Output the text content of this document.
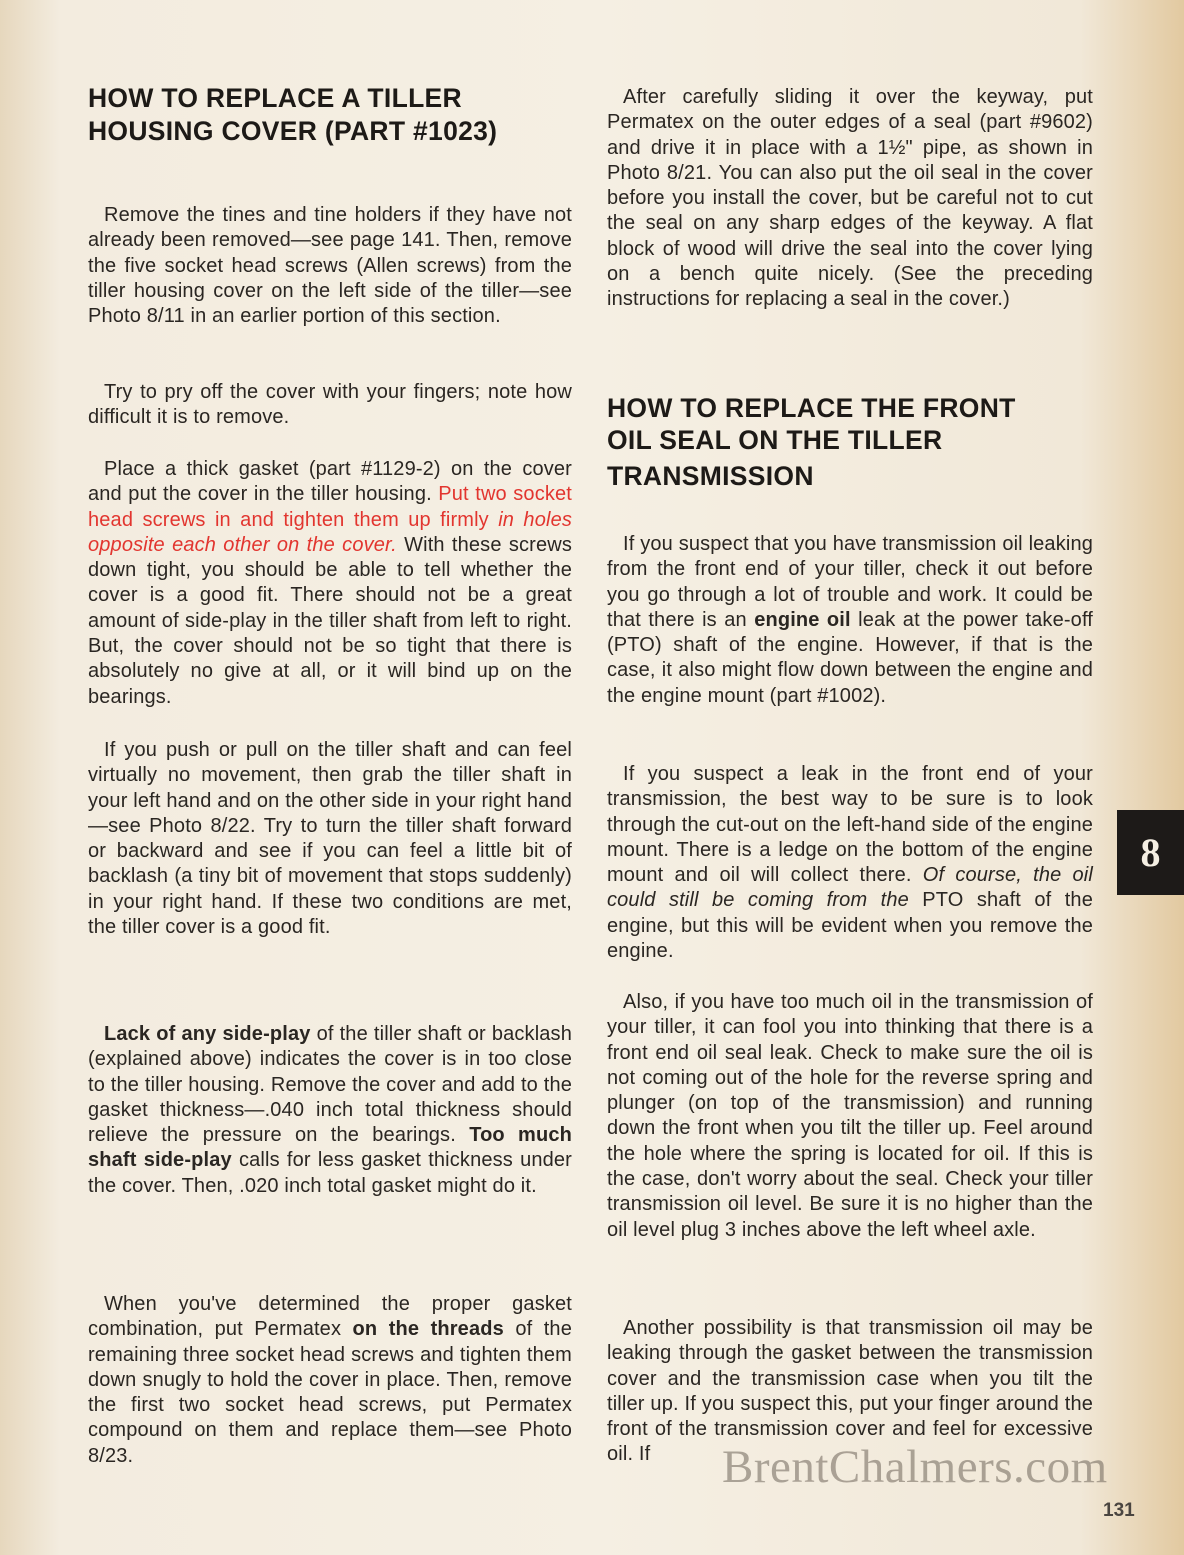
HOW TO REPLACE A TILLER HOUSING COVER (PART #1023)

Remove the tines and tine holders if they have not already been removed—see page 141. Then, remove the five socket head screws (Allen screws) from the tiller housing cover on the left side of the tiller—see Photo 8/11 in an earlier portion of this section.

Try to pry off the cover with your fingers; note how difficult it is to remove.

Place a thick gasket (part #1129-2) on the cover and put the cover in the tiller housing. Put two socket head screws in and tighten them up firmly in holes opposite each other on the cover. With these screws down tight, you should be able to tell whether the cover is a good fit. There should not be a great amount of side-play in the tiller shaft from left to right. But, the cover should not be so tight that there is absolutely no give at all, or it will bind up on the bearings.

If you push or pull on the tiller shaft and can feel virtually no movement, then grab the tiller shaft in your left hand and on the other side in your right hand—see Photo 8/22. Try to turn the tiller shaft forward or backward and see if you can feel a little bit of backlash (a tiny bit of movement that stops suddenly) in your right hand. If these two conditions are met, the tiller cover is a good fit.

Lack of any side-play of the tiller shaft or backlash (explained above) indicates the cover is in too close to the tiller housing. Remove the cover and add to the gasket thickness—.040 inch total thickness should relieve the pressure on the bearings. Too much shaft side-play calls for less gasket thickness under the cover. Then, .020 inch total gasket might do it.

When you've determined the proper gasket combination, put Permatex on the threads of the remaining three socket head screws and tighten them down snugly to hold the cover in place. Then, remove the first two socket head screws, put Permatex compound on them and replace them—see Photo 8/23.

After carefully sliding it over the keyway, put Permatex on the outer edges of a seal (part #9602) and drive it in place with a 1½" pipe, as shown in Photo 8/21. You can also put the oil seal in the cover before you install the cover, but be careful not to cut the seal on any sharp edges of the keyway. A flat block of wood will drive the seal into the cover lying on a bench quite nicely. (See the preceding instructions for replacing a seal in the cover.)

HOW TO REPLACE THE FRONT
OIL SEAL ON THE TILLER
TRANSMISSION

If you suspect that you have transmission oil leaking from the front end of your tiller, check it out before you go through a lot of trouble and work. It could be that there is an engine oil leak at the power take-off (PTO) shaft of the engine. However, if that is the case, it also might flow down between the engine and the engine mount (part #1002).

If you suspect a leak in the front end of your transmission, the best way to be sure is to look through the cut-out on the left-hand side of the engine mount. There is a ledge on the bottom of the engine mount and oil will collect there. Of course, the oil could still be coming from the PTO shaft of the engine, but this will be evident when you remove the engine.

Also, if you have too much oil in the transmission of your tiller, it can fool you into thinking that there is a front end oil seal leak. Check to make sure the oil is not coming out of the hole for the reverse spring and plunger (on top of the transmission) and running down the front when you tilt the tiller up. Feel around the hole where the spring is located for oil. If this is the case, don't worry about the seal. Check your tiller transmission oil level. Be sure it is no higher than the oil level plug 3 inches above the left wheel axle.

Another possibility is that transmission oil may be leaking through the gasket between the transmission cover and the transmission case when you tilt the tiller up. If you suspect this, put your finger around the front of the transmission cover and feel for excessive oil. If

8
BrentChalmers.com
131
